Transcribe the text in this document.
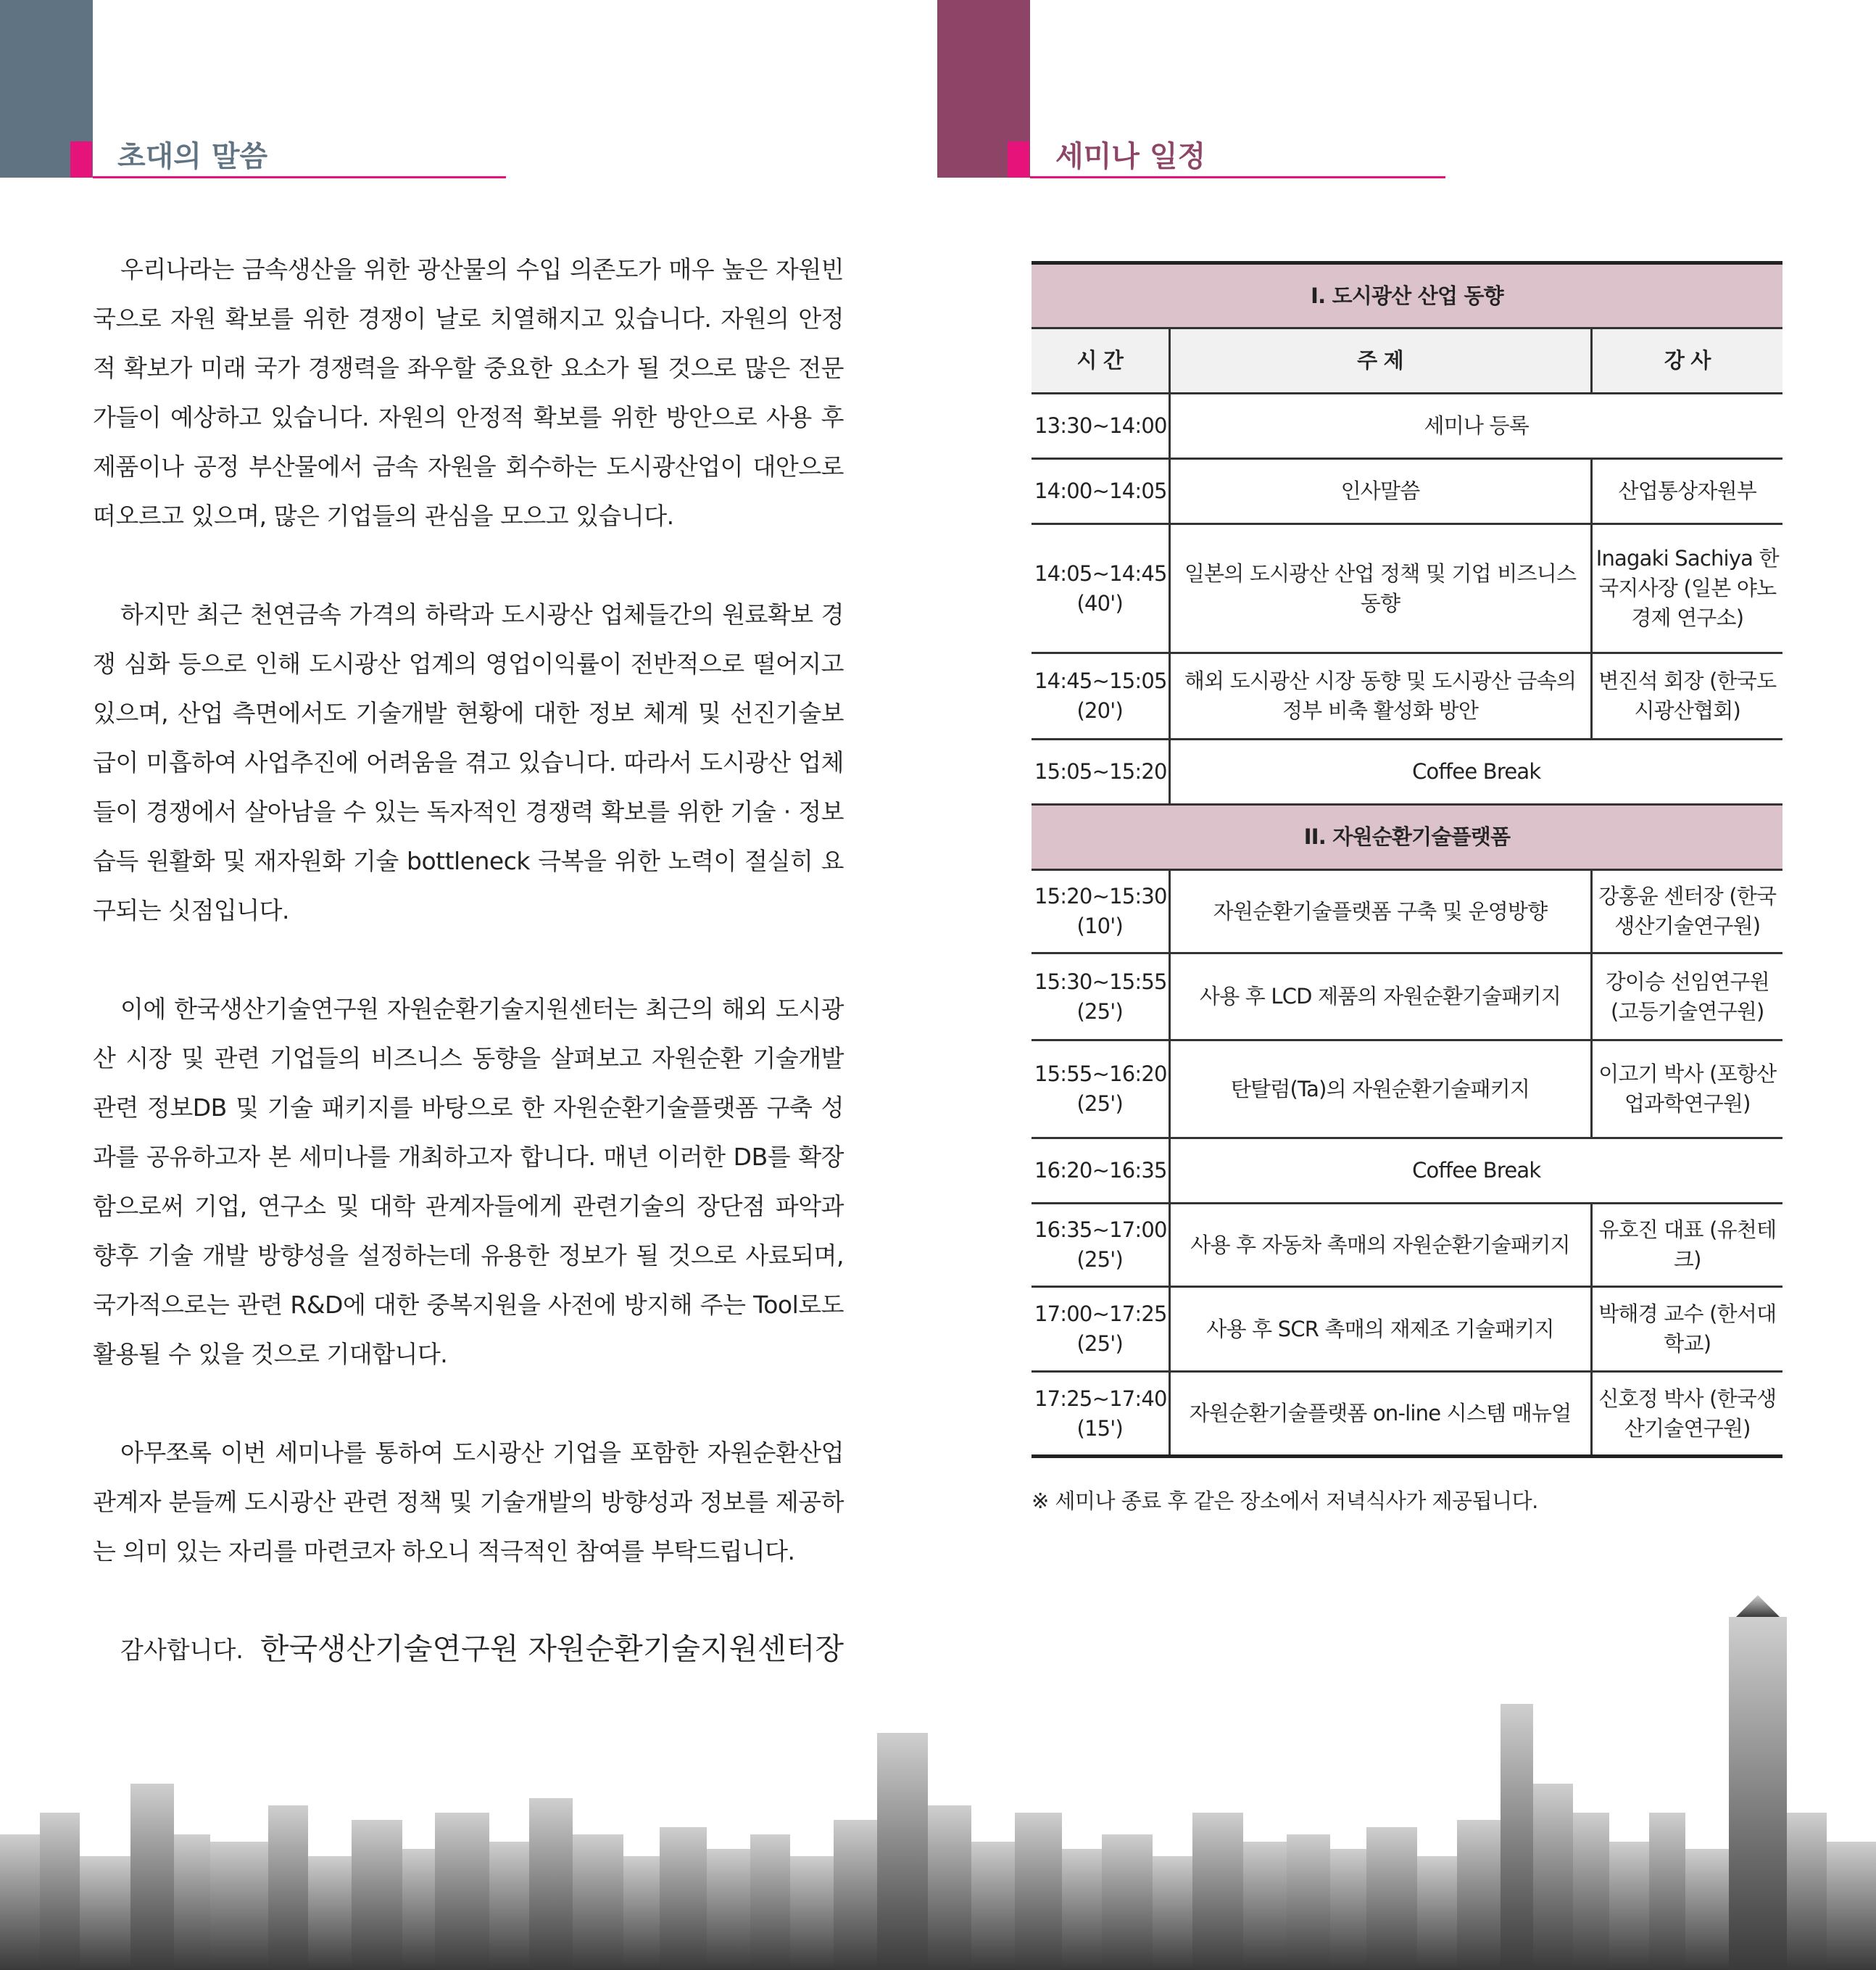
초대의 말씀

우리나라는 금속생산을 위한 광산물의 수입 의존도가 매우 높은 자원빈국으로 자원 확보를 위한 경쟁이 날로 치열해지고 있습니다. 자원의 안정적 확보가 미래 국가 경쟁력을 좌우할 중요한 요소가 될 것으로 많은 전문가들이 예상하고 있습니다. 자원의 안정적 확보를 위한 방안으로 사용 후 제품이나 공정 부산물에서 금속 자원을 회수하는 도시광산업이 대안으로 떠오르고 있으며, 많은 기업들의 관심을 모으고 있습니다.

하지만 최근 천연금속 가격의 하락과 도시광산 업체들간의 원료확보 경쟁 심화 등으로 인해 도시광산 업계의 영업이익률이 전반적으로 떨어지고 있으며, 산업 측면에서도 기술개발 현황에 대한 정보 체계 및 선진기술보급이 미흡하여 사업추진에 어려움을 겪고 있습니다. 따라서 도시광산 업체들이 경쟁에서 살아남을 수 있는 독자적인 경쟁력 확보를 위한 기술 · 정보 습득 원활화 및 재자원화 기술 bottleneck 극복을 위한 노력이 절실히 요구되는 싯점입니다.

이에 한국생산기술연구원 자원순환기술지원센터는 최근의 해외 도시광산 시장 및 관련 기업들의 비즈니스 동향을 살펴보고 자원순환 기술개발 관련 정보DB 및 기술 패키지를 바탕으로 한 자원순환기술플랫폼 구축 성과를 공유하고자 본 세미나를 개최하고자 합니다. 매년 이러한 DB를 확장함으로써 기업, 연구소 및 대학 관계자들에게 관련기술의 장단점 파악과 향후 기술 개발 방향성을 설정하는데 유용한 정보가 될 것으로 사료되며, 국가적으로는 관련 R&D에 대한 중복지원을 사전에 방지해 주는 Tool로도 활용될 수 있을 것으로 기대합니다.

아무쪼록 이번 세미나를 통하여 도시광산 기업을 포함한 자원순환산업 관계자 분들께 도시광산 관련 정책 및 기술개발의 방향성과 정보를 제공하는 의미 있는 자리를 마련코자 하오니 적극적인 참여를 부탁드립니다.

감사합니다. 한국생산기술연구원 자원순환기술지원센터장
세미나 일정
I. 도시광산 산업 동향		
시 간	주 제	강 사
13:30~14:00	세미나 등록	
14:00~14:05	인사말씀	산업통상자원부
14:05~14:45
(40')	일본의 도시광산 산업 정책 및 기업 비즈니스 동향	Inagaki Sachiya 한국지사장 (일본 야노경제 연구소)
14:45~15:05
(20')	해외 도시광산 시장 동향 및 도시광산 금속의 정부 비축 활성화 방안	변진석 회장 (한국도시광산협회)
15:05~15:20	Coffee Break	
II. 자원순환기술플랫폼		
15:20~15:30
(10')	자원순환기술플랫폼 구축 및 운영방향	강홍윤 센터장 (한국생산기술연구원)
15:30~15:55
(25')	사용 후 LCD 제품의 자원순환기술패키지	강이승 선임연구원 (고등기술연구원)
15:55~16:20
(25')	탄탈럼(Ta)의 자원순환기술패키지	이고기 박사 (포항산업과학연구원)
16:20~16:35	Coffee Break	
16:35~17:00
(25')	사용 후 자동차 촉매의 자원순환기술패키지	유호진 대표 (유천테크)
17:00~17:25
(25')	사용 후 SCR 촉매의 재제조 기술패키지	박해경 교수 (한서대학교)
17:25~17:40
(15')	자원순환기술플랫폼 on-line 시스템 매뉴얼	신호정 박사 (한국생산기술연구원)
※ 세미나 종료 후 같은 장소에서 저녁식사가 제공됩니다.
